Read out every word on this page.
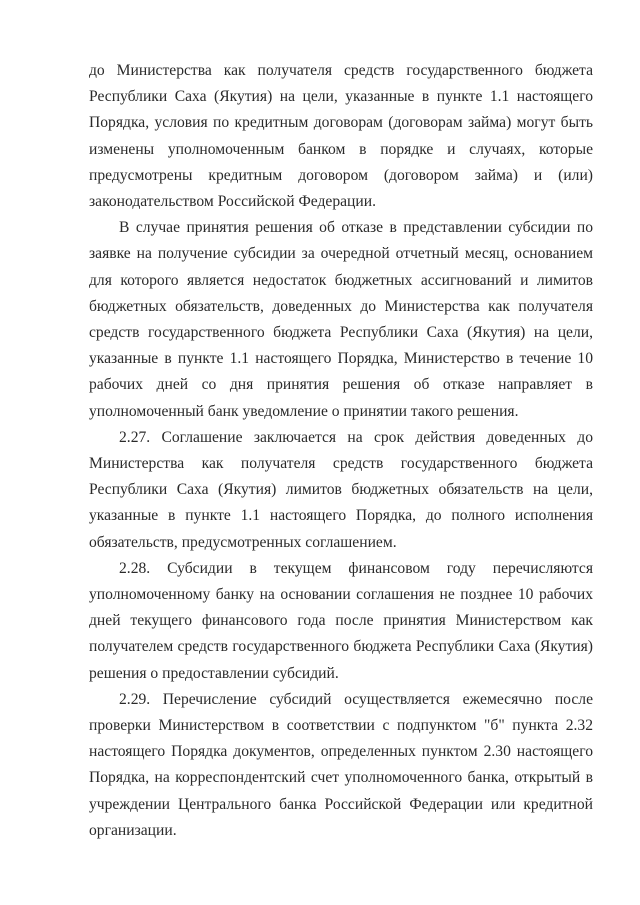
до Министерства как получателя средств государственного бюджета Республики Саха (Якутия) на цели, указанные в пункте 1.1 настоящего Порядка, условия по кредитным договорам (договорам займа) могут быть изменены уполномоченным банком в порядке и случаях, которые предусмотрены кредитным договором (договором займа) и (или) законодательством Российской Федерации.

В случае принятия решения об отказе в представлении субсидии по заявке на получение субсидии за очередной отчетный месяц, основанием для которого является недостаток бюджетных ассигнований и лимитов бюджетных обязательств, доведенных до Министерства как получателя средств государственного бюджета Республики Саха (Якутия) на цели, указанные в пункте 1.1 настоящего Порядка, Министерство в течение 10 рабочих дней со дня принятия решения об отказе направляет в уполномоченный банк уведомление о принятии такого решения.

2.27. Соглашение заключается на срок действия доведенных до Министерства как получателя средств государственного бюджета Республики Саха (Якутия) лимитов бюджетных обязательств на цели, указанные в пункте 1.1 настоящего Порядка, до полного исполнения обязательств, предусмотренных соглашением.

2.28. Субсидии в текущем финансовом году перечисляются уполномоченному банку на основании соглашения не позднее 10 рабочих дней текущего финансового года после принятия Министерством как получателем средств государственного бюджета Республики Саха (Якутия) решения о предоставлении субсидий.

2.29. Перечисление субсидий осуществляется ежемесячно после проверки Министерством в соответствии с подпунктом "б" пункта 2.32 настоящего Порядка документов, определенных пунктом 2.30 настоящего Порядка, на корреспондентский счет уполномоченного банка, открытый в учреждении Центрального банка Российской Федерации или кредитной организации.
